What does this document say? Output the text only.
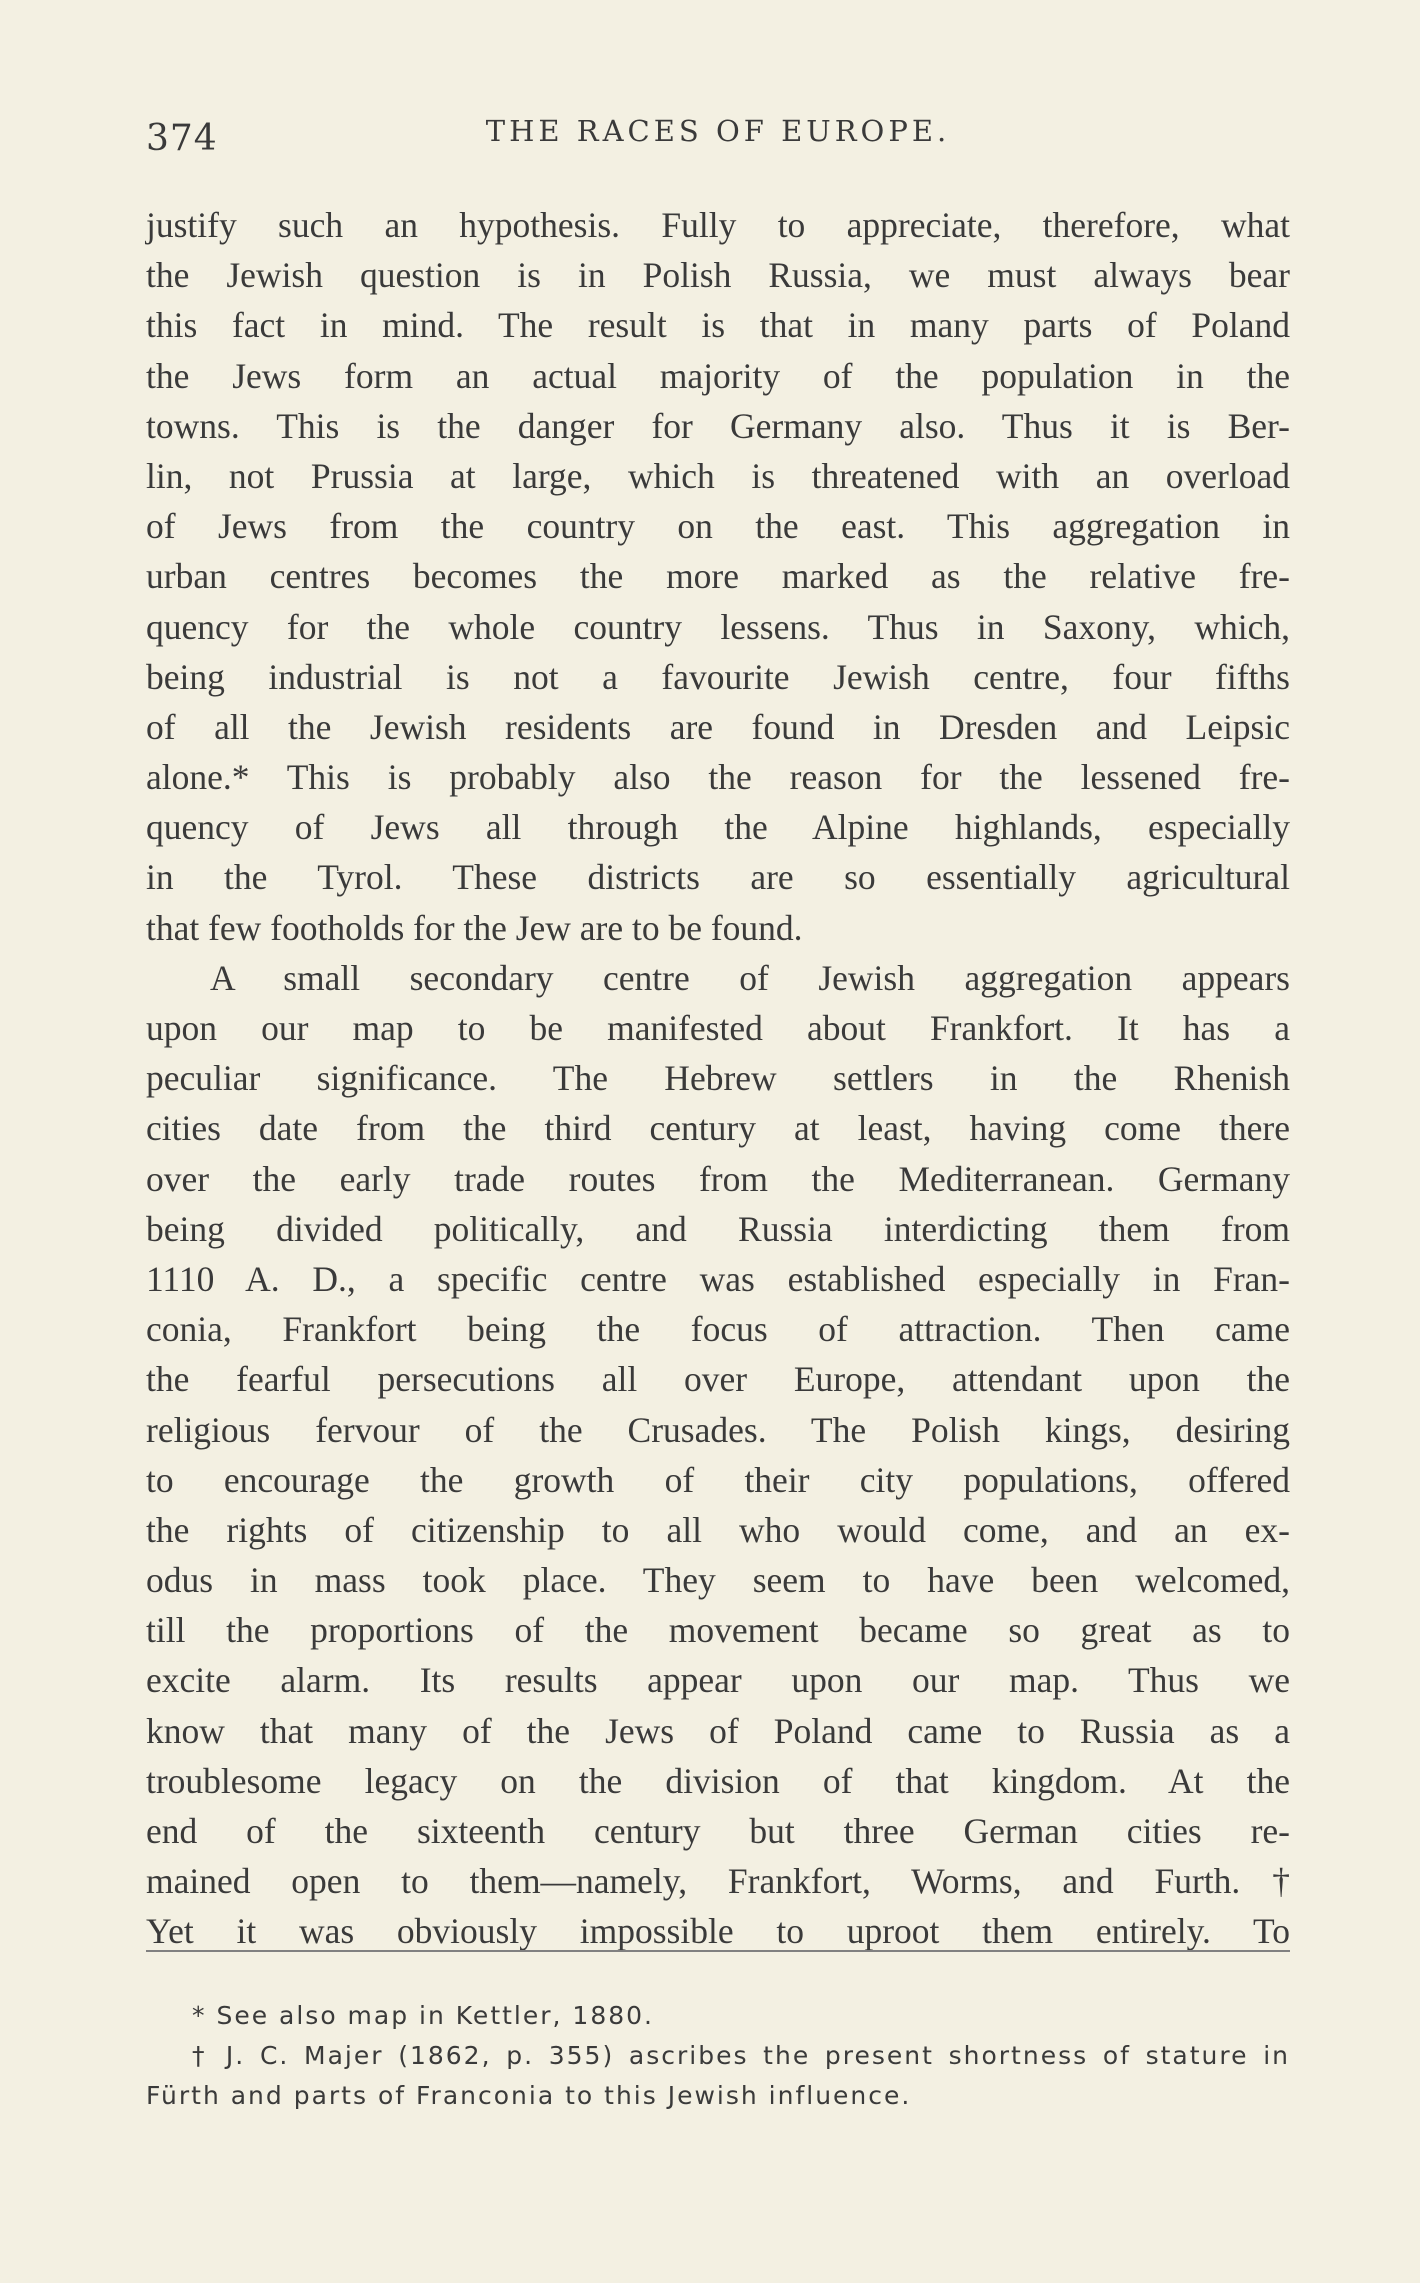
374	THE RACES OF EUROPE.
justify such an hypothesis. Fully to appreciate, therefore, what
the Jewish question is in Polish Russia, we must always bear
this fact in mind. The result is that in many parts of Poland
the Jews form an actual majority of the population in the
towns. This is the danger for Germany also. Thus it is Ber-
lin, not Prussia at large, which is threatened with an overload
of Jews from the country on the east. This aggregation in
urban centres becomes the more marked as the relative fre-
quency for the whole country lessens. Thus in Saxony, which,
being industrial is not a favourite Jewish centre, four fifths
of all the Jewish residents are found in Dresden and Leipsic
alone.* This is probably also the reason for the lessened fre-
quency of Jews all through the Alpine highlands, especially
in the Tyrol. These districts are so essentially agricultural
that few footholds for the Jew are to be found.
A small secondary centre of Jewish aggregation appears
upon our map to be manifested about Frankfort. It has a
peculiar significance. The Hebrew settlers in the Rhenish
cities date from the third century at least, having come there
over the early trade routes from the Mediterranean. Germany
being divided politically, and Russia interdicting them from
1110 A. D., a specific centre was established especially in Fran-
conia, Frankfort being the focus of attraction. Then came
the fearful persecutions all over Europe, attendant upon the
religious fervour of the Crusades. The Polish kings, desiring
to encourage the growth of their city populations, offered
the rights of citizenship to all who would come, and an ex-
odus in mass took place. They seem to have been welcomed,
till the proportions of the movement became so great as to
excite alarm. Its results appear upon our map. Thus we
know that many of the Jews of Poland came to Russia as a
troublesome legacy on the division of that kingdom. At the
end of the sixteenth century but three German cities re-
mained open to them—namely, Frankfort, Worms, and Furth.†
Yet it was obviously impossible to uproot them entirely. To
* See also map in Kettler, 1880.
† J. C. Majer (1862, p. 355) ascribes the present shortness of stature in
Fürth and parts of Franconia to this Jewish influence.
